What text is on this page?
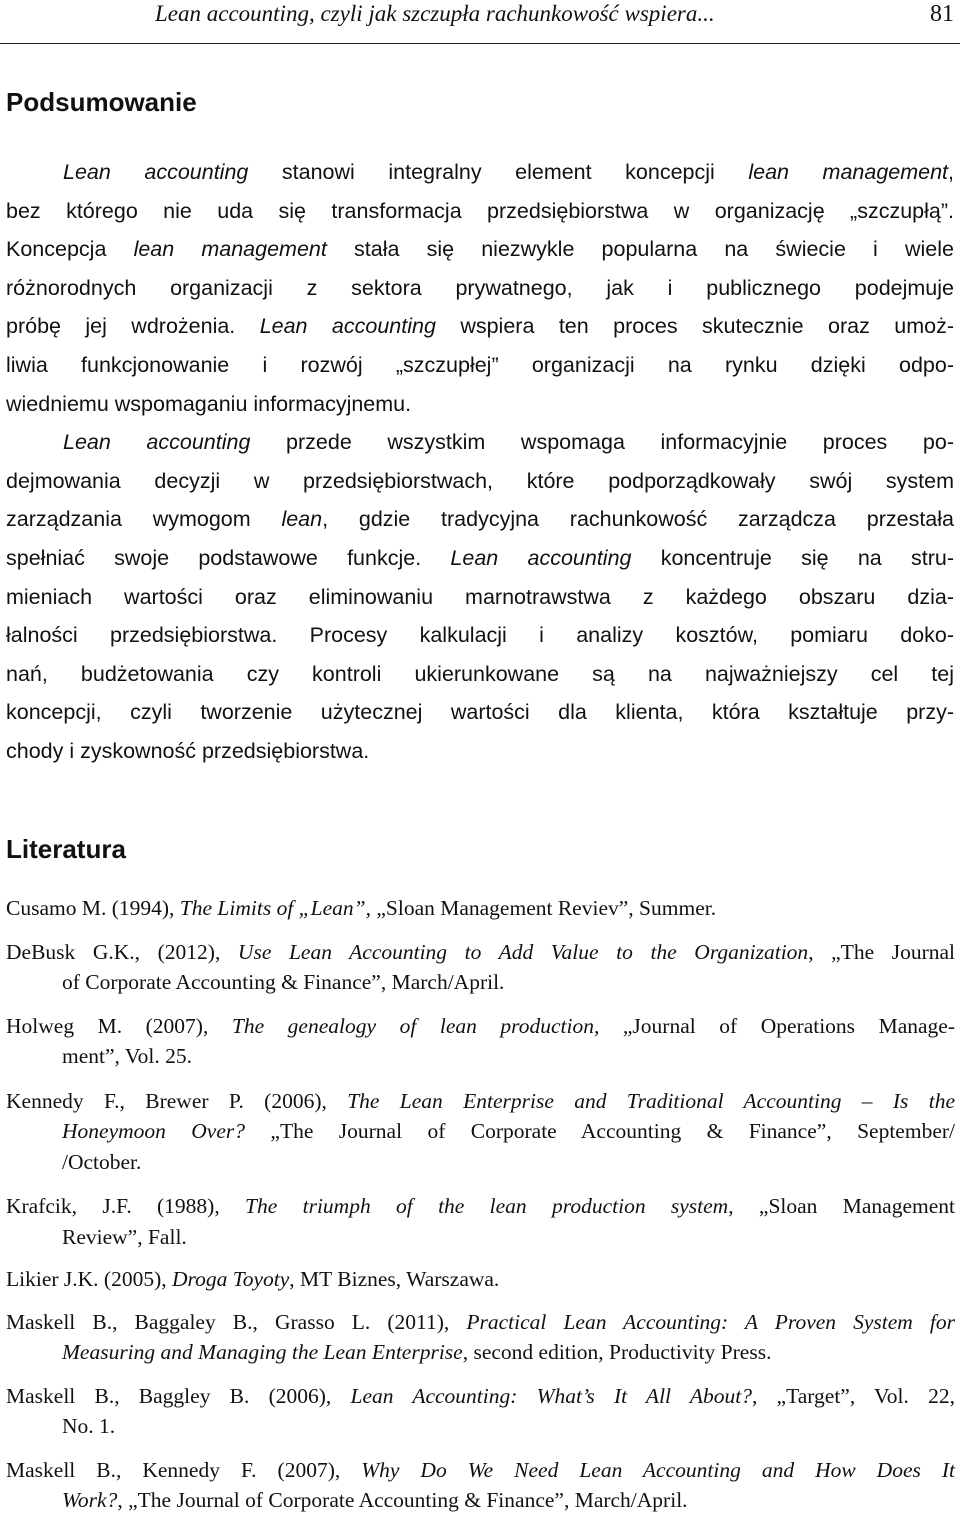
Lean accounting, czyli jak szczupła rachunkowość wspiera...	81
Podsumowanie
Lean accounting stanowi integralny element koncepcji lean management,
bez którego nie uda się transformacja przedsiębiorstwa w organizację „szczupłą”.
Koncepcja lean management stała się niezwykle popularna na świecie i wiele
różnorodnych organizacji z sektora prywatnego, jak i publicznego podejmuje
próbę jej wdrożenia. Lean accounting wspiera ten proces skutecznie oraz umoż-
liwia funkcjonowanie i rozwój „szczupłej” organizacji na rynku dzięki odpo-
wiedniemu wspomaganiu informacyjnemu.
Lean accounting przede wszystkim wspomaga informacyjnie proces po-
dejmowania decyzji w przedsiębiorstwach, które podporządkowały swój system
zarządzania wymogom lean, gdzie tradycyjna rachunkowość zarządcza przestała
spełniać swoje podstawowe funkcje. Lean accounting koncentruje się na stru-
mieniach wartości oraz eliminowaniu marnotrawstwa z każdego obszaru dzia-
łalności przedsiębiorstwa. Procesy kalkulacji i analizy kosztów, pomiaru doko-
nań, budżetowania czy kontroli ukierunkowane są na najważniejszy cel tej
koncepcji, czyli tworzenie użytecznej wartości dla klienta, która kształtuje przy-
chody i zyskowność przedsiębiorstwa.
Literatura
Cusamo M. (1994), The Limits of „Lean”, „Sloan Management Reviev”, Summer.
DeBusk G.K., (2012), Use Lean Accounting to Add Value to the Organization, „The Journal
of Corporate Accounting & Finance”, March/April.
Holweg M. (2007), The genealogy of lean production, „Journal of Operations Manage-
ment”, Vol. 25.
Kennedy F., Brewer P. (2006), The Lean Enterprise and Traditional Accounting – Is the
Honeymoon Over? „The Journal of Corporate Accounting & Finance”, September/
/October.
Krafcik, J.F. (1988), The triumph of the lean production system, „Sloan Management
Review”, Fall.
Likier J.K. (2005), Droga Toyoty, MT Biznes, Warszawa.
Maskell B., Baggaley B., Grasso L. (2011), Practical Lean Accounting: A Proven System for
Measuring and Managing the Lean Enterprise, second edition, Productivity Press.
Maskell B., Baggley B. (2006), Lean Accounting: What’s It All About?, „Target”, Vol. 22,
No. 1.
Maskell B., Kennedy F. (2007), Why Do We Need Lean Accounting and How Does It
Work?, „The Journal of Corporate Accounting & Finance”, March/April.
